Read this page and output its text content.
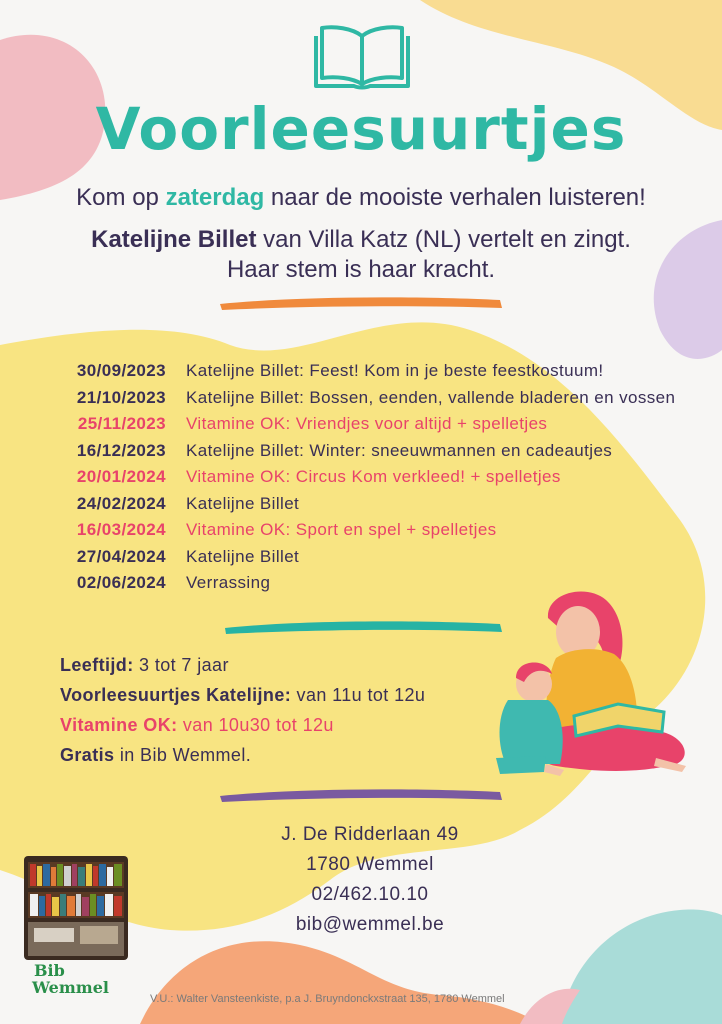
Voorleesuurtjes
Kom op zaterdag naar de mooiste verhalen luisteren!
Katelijne Billet van Villa Katz (NL) vertelt en zingt.
Haar stem is haar kracht.
30/09/2023 Katelijne Billet: Feest! Kom in je beste feestkostuum!
21/10/2023 Katelijne Billet: Bossen, eenden, vallende bladeren en vossen
25/11/2023 Vitamine OK: Vriendjes voor altijd + spelletjes
16/12/2023 Katelijne Billet: Winter: sneeuwmannen en cadeautjes
20/01/2024 Vitamine OK: Circus Kom verkleed! + spelletjes
24/02/2024 Katelijne Billet
16/03/2024 Vitamine OK: Sport en spel + spelletjes
27/04/2024 Katelijne Billet
02/06/2024 Verrassing
Leeftijd: 3 tot 7 jaar
Voorleesuurtjes Katelijne: van 11u tot 12u
Vitamine OK: van 10u30 tot 12u
Gratis in Bib Wemmel.
J. De Ridderlaan 49
1780 Wemmel
02/462.10.10
bib@wemmel.be
Bib
Wemmel
V.U.: Walter Vansteenkiste, p.a J. Bruyndonckxstraat 135, 1780 Wemmel
